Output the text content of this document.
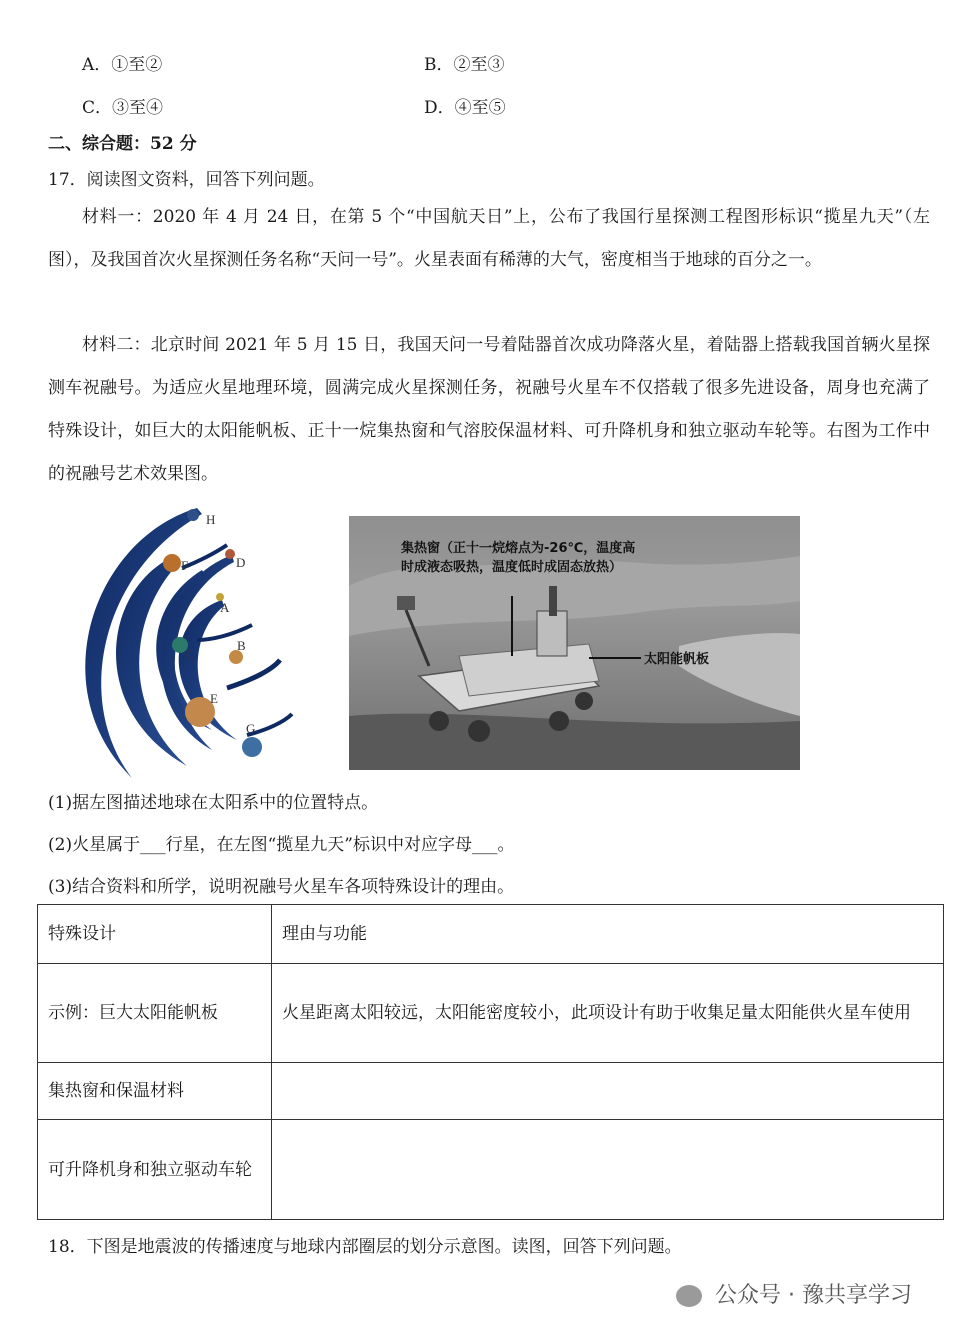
A．①至②	B．②至③
C．③至④	D．④至⑤
二、综合题：52 分
17．阅读图文资料，回答下列问题。
材料一：2020 年 4 月 24 日，在第 5 个“中国航天日”上，公布了我国行星探测工程图形标识“揽星九天”（左图），及我国首次火星探测任务名称“天问一号”。火星表面有稀薄的大气，密度相当于地球的百分之一。
材料二：北京时间 2021 年 5 月 15 日，我国天问一号着陆器首次成功降落火星，着陆器上搭载我国首辆火星探测车祝融号。为适应火星地理环境，圆满完成火星探测任务，祝融号火星车不仅搭载了很多先进设备，周身也充满了特殊设计，如巨大的太阳能帆板、正十一烷集热窗和气溶胶保温材料、可升降机身和独立驱动车轮等。右图为工作中的祝融号艺术效果图。
H
F	D
A
C
B
E
G
集热窗（正十一烷熔点为-26℃，温度高
时成液态吸热，温度低时成固态放热）
太阳能帆板
(1)据左图描述地球在太阳系中的位置特点。
(2)火星属于___行星，在左图“揽星九天”标识中对应字母___。
(3)结合资料和所学，说明祝融号火星车各项特殊设计的理由。
特殊设计	理由与功能
示例：巨大太阳能帆板	火星距离太阳较远，太阳能密度较小，此项设计有助于收集足量太阳能供火星车使用
集热窗和保温材料	
可升降机身和独立驱动车轮	
18．下图是地震波的传播速度与地球内部圈层的划分示意图。读图，回答下列问题。
公众号 · 豫共享学习
